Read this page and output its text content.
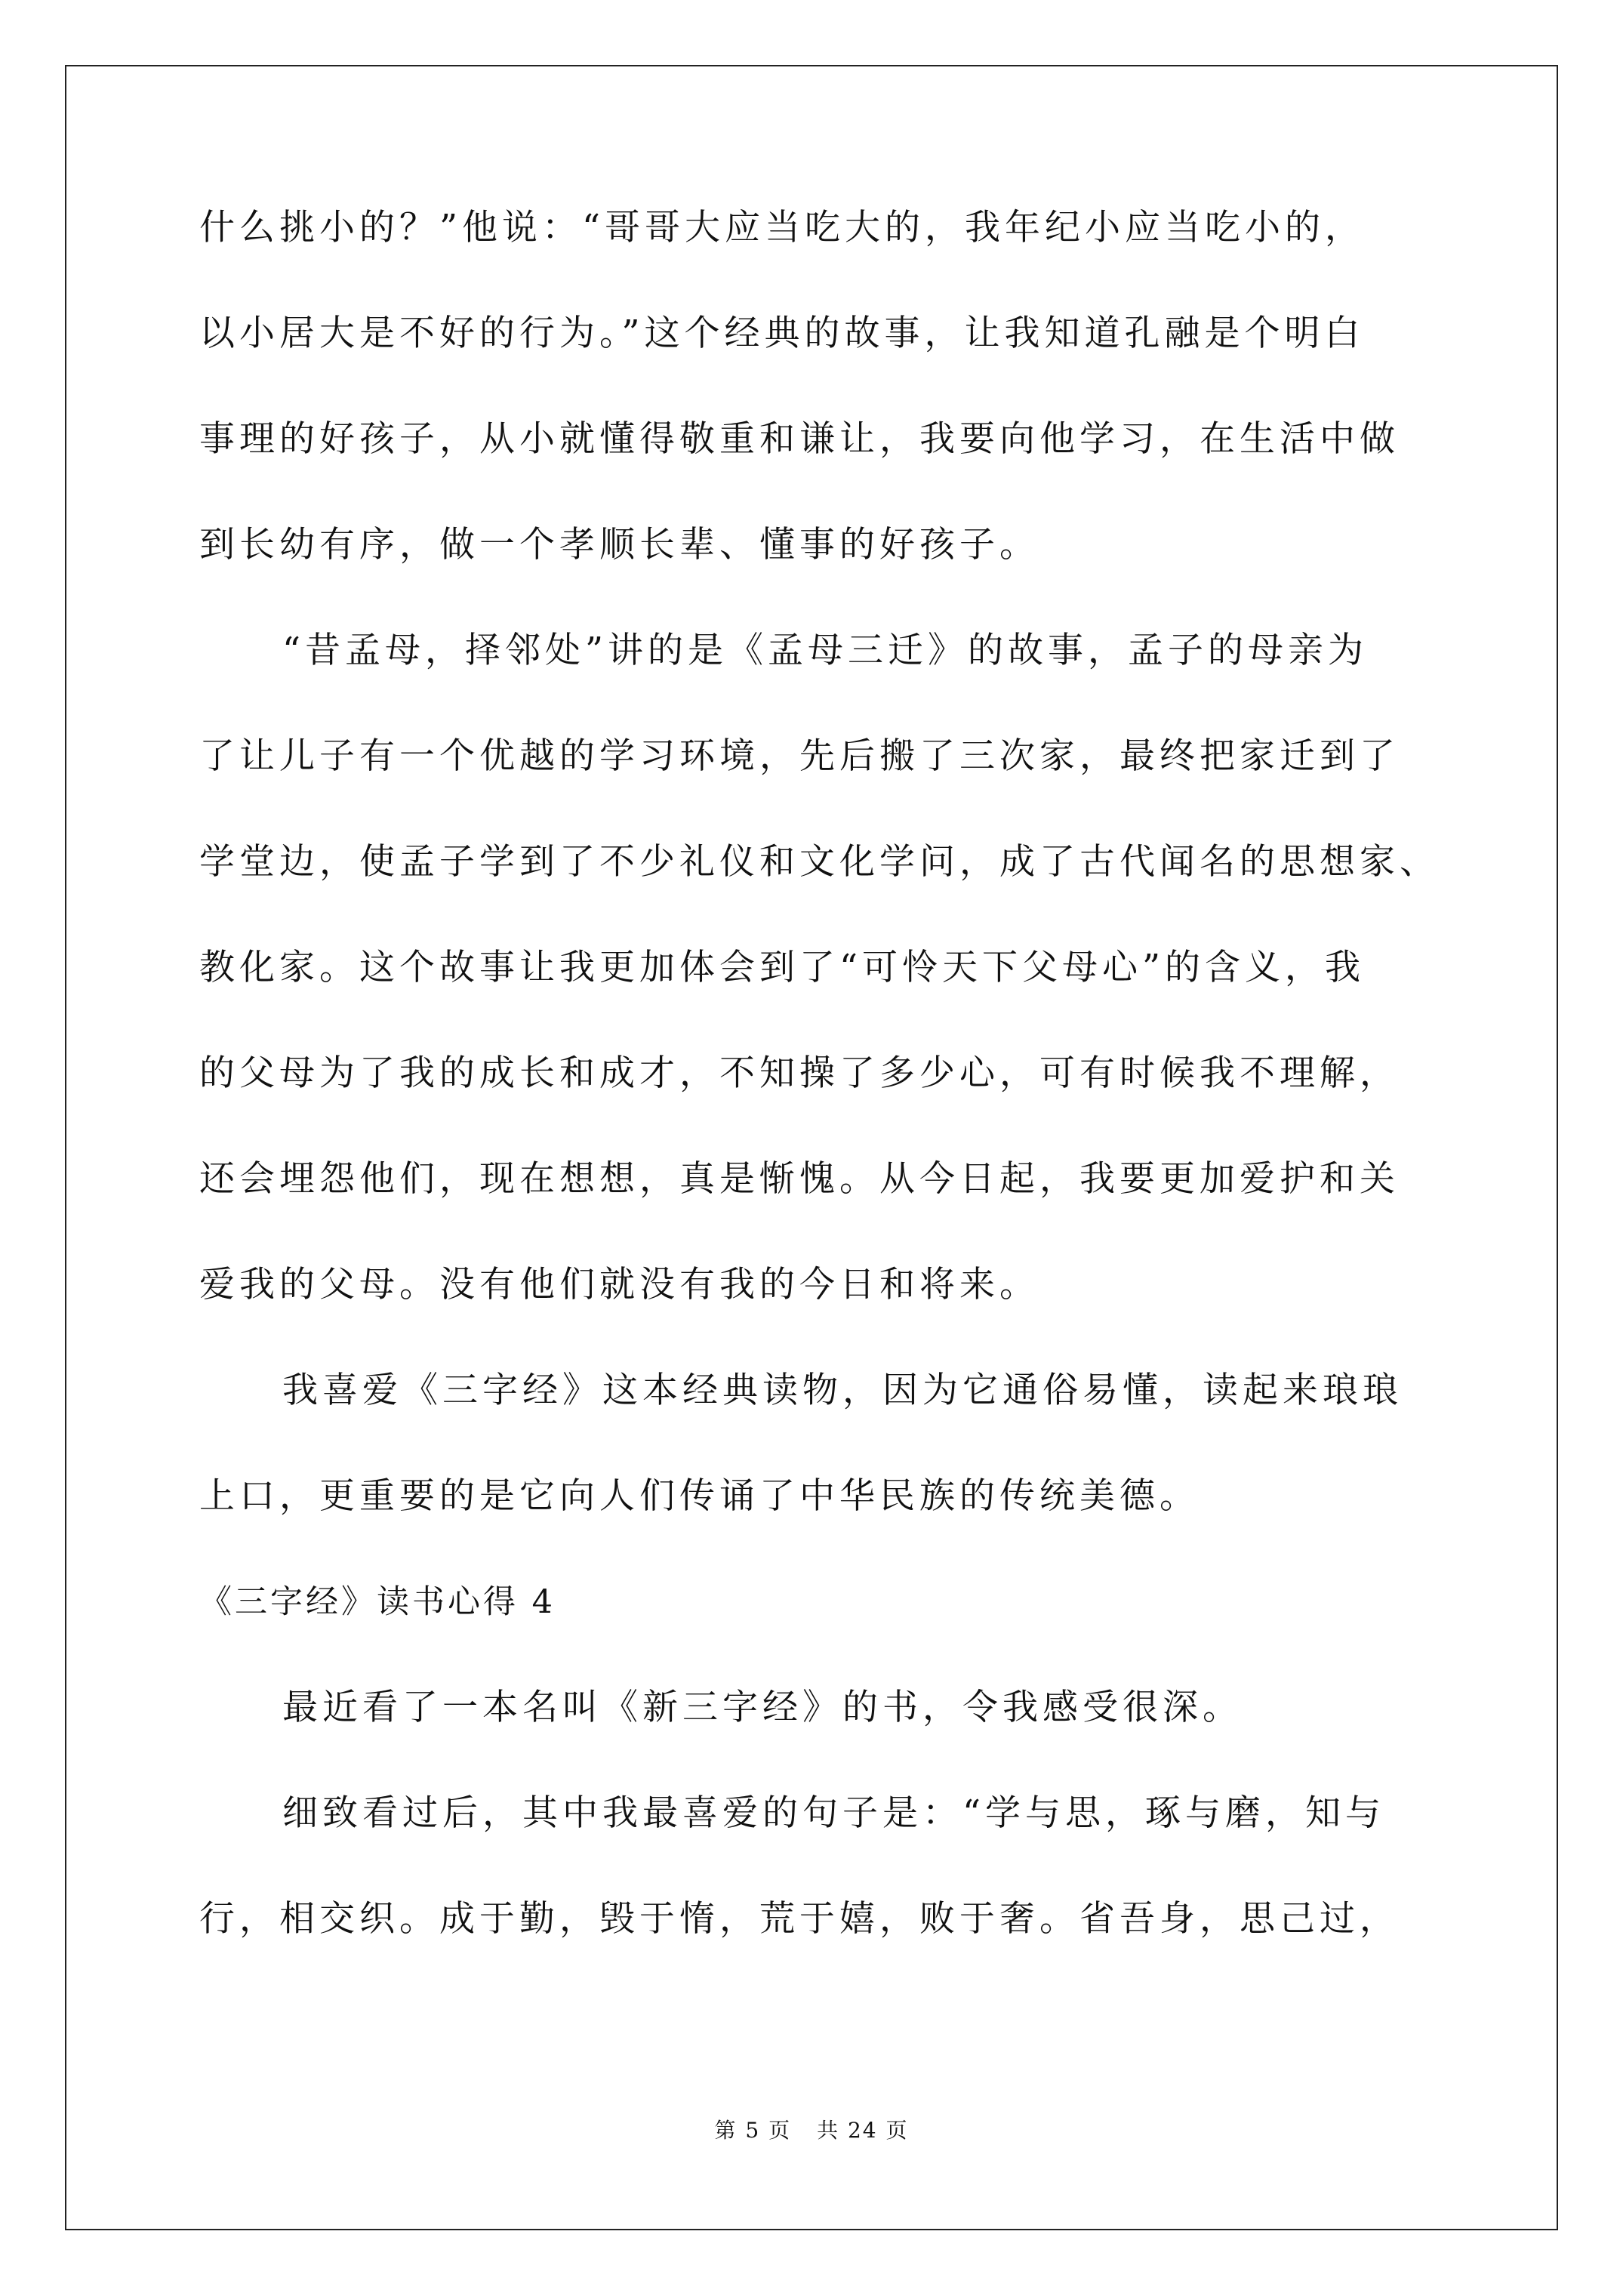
什么挑小的？”他说：“哥哥大应当吃大的，我年纪小应当吃小的，
以小居大是不好的行为。”这个经典的故事，让我知道孔融是个明白
事理的好孩子，从小就懂得敬重和谦让，我要向他学习，在生活中做
到长幼有序，做一个孝顺长辈、懂事的好孩子。
“昔孟母，择邻处”讲的是《孟母三迁》的故事，孟子的母亲为
了让儿子有一个优越的学习环境，先后搬了三次家，最终把家迁到了
学堂边，使孟子学到了不少礼仪和文化学问，成了古代闻名的思想家、
教化家。这个故事让我更加体会到了“可怜天下父母心”的含义，我
的父母为了我的成长和成才，不知操了多少心，可有时候我不理解，
还会埋怨他们，现在想想，真是惭愧。从今日起，我要更加爱护和关
爱我的父母。没有他们就没有我的今日和将来。
我喜爱《三字经》这本经典读物，因为它通俗易懂，读起来琅琅
上口，更重要的是它向人们传诵了中华民族的传统美德。
《三字经》读书心得 4
最近看了一本名叫《新三字经》的书，令我感受很深。
细致看过后，其中我最喜爱的句子是：“学与思，琢与磨，知与
行，相交织。成于勤，毁于惰，荒于嬉，败于奢。省吾身，思己过，
第 5 页 共 24 页
